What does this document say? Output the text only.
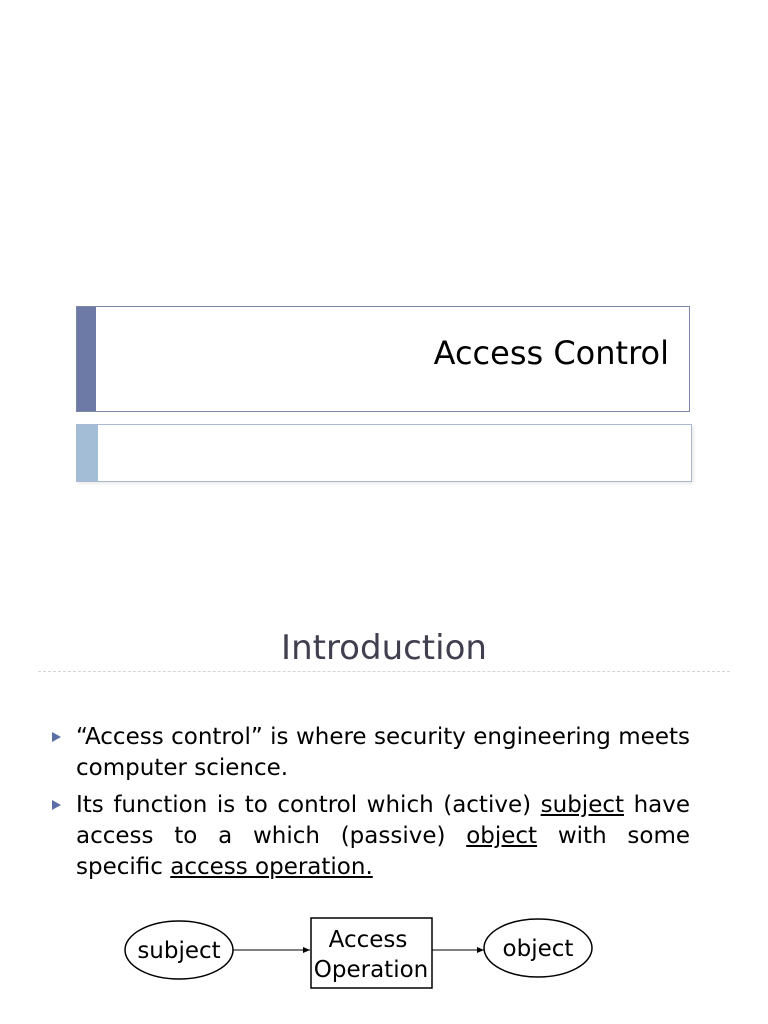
Access Control
Introduction
“Access control” is where security engineering meets computer science.
Its function is to control which (active) subject have access to a which (passive) object with some specific access operation.
subject	Access
Operation
object
